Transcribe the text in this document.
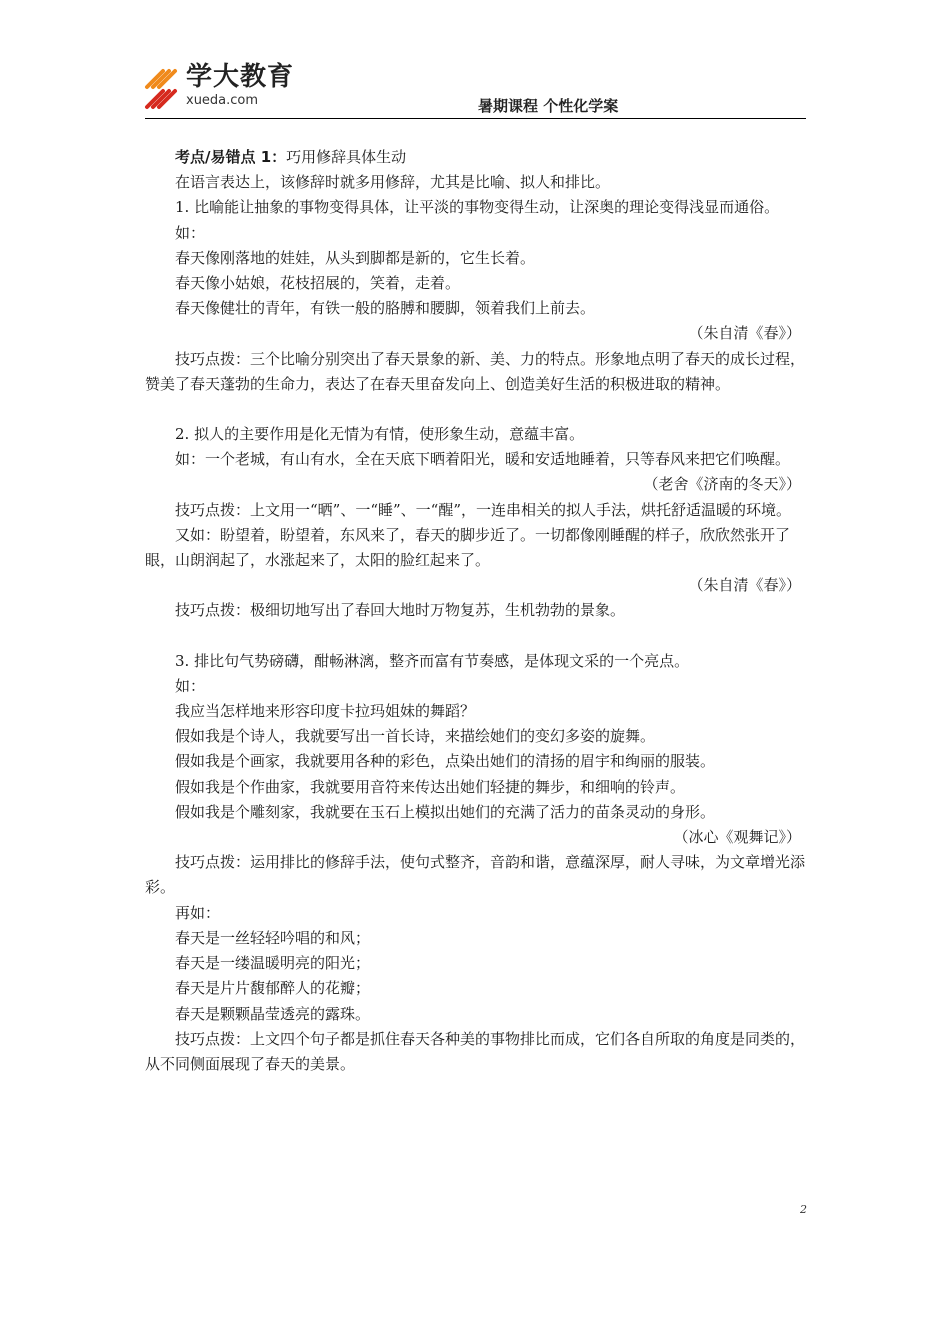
学大教育
xueda.com	暑期课程 个性化学案

考点/易错点 1：巧用修辞具体生动

在语言表达上，该修辞时就多用修辞，尤其是比喻、拟人和排比。

1. 比喻能让抽象的事物变得具体，让平淡的事物变得生动，让深奥的理论变得浅显而通俗。

如：

春天像刚落地的娃娃，从头到脚都是新的，它生长着。

春天像小姑娘，花枝招展的，笑着，走着。

春天像健壮的青年，有铁一般的胳膊和腰脚，领着我们上前去。

（朱自清《春》）

技巧点拨：三个比喻分别突出了春天景象的新、美、力的特点。形象地点明了春天的成长过程，赞美了春天蓬勃的生命力，表达了在春天里奋发向上、创造美好生活的积极进取的精神。

2. 拟人的主要作用是化无情为有情，使形象生动，意蕴丰富。

如：一个老城，有山有水，全在天底下晒着阳光，暖和安适地睡着，只等春风来把它们唤醒。

（老舍《济南的冬天》）

技巧点拨：上文用一“晒”、一“睡”、一“醒”，一连串相关的拟人手法，烘托舒适温暖的环境。

又如：盼望着，盼望着，东风来了，春天的脚步近了。一切都像刚睡醒的样子，欣欣然张开了眼，山朗润起了，水涨起来了，太阳的脸红起来了。

（朱自清《春》）

技巧点拨：极细切地写出了春回大地时万物复苏，生机勃勃的景象。

3. 排比句气势磅礴，酣畅淋漓，整齐而富有节奏感，是体现文采的一个亮点。

如：

我应当怎样地来形容印度卡拉玛姐妹的舞蹈？

假如我是个诗人，我就要写出一首长诗，来描绘她们的变幻多姿的旋舞。

假如我是个画家，我就要用各种的彩色，点染出她们的清扬的眉宇和绚丽的服装。

假如我是个作曲家，我就要用音符来传达出她们轻捷的舞步，和细响的铃声。

假如我是个雕刻家，我就要在玉石上模拟出她们的充满了活力的苗条灵动的身形。

（冰心《观舞记》）

技巧点拨：运用排比的修辞手法，使句式整齐，音韵和谐，意蕴深厚，耐人寻味，为文章增光添彩。

再如：

春天是一丝轻轻吟唱的和风；

春天是一缕温暖明亮的阳光；

春天是片片馥郁醉人的花瓣；

春天是颗颗晶莹透亮的露珠。

技巧点拨：上文四个句子都是抓住春天各种美的事物排比而成，它们各自所取的角度是同类的，从不同侧面展现了春天的美景。

2
